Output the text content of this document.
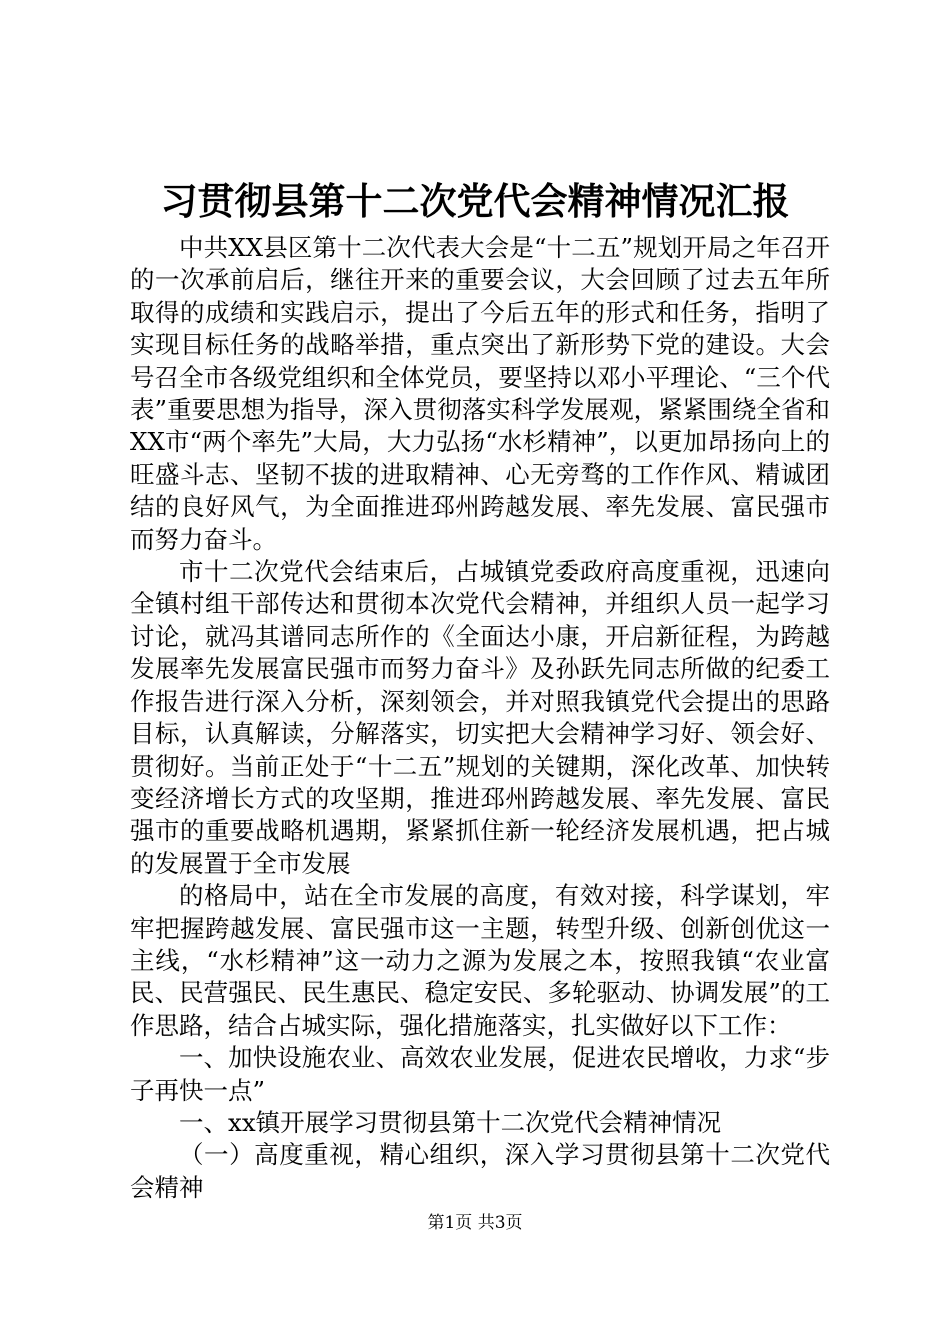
习贯彻县第十二次党代会精神情况汇报

中共XX县区第十二次代表大会是“十二五”规划开局之年召开的一次承前启后，继往开来的重要会议，大会回顾了过去五年所取得的成绩和实践启示，提出了今后五年的形式和任务，指明了实现目标任务的战略举措，重点突出了新形势下党的建设。大会号召全市各级党组织和全体党员，要坚持以邓小平理论、“三个代表”重要思想为指导，深入贯彻落实科学发展观，紧紧围绕全省和XX市“两个率先”大局，大力弘扬“水杉精神”，以更加昂扬向上的旺盛斗志、坚韧不拔的进取精神、心无旁骛的工作作风、精诚团结的良好风气，为全面推进邳州跨越发展、率先发展、富民强市而努力奋斗。

市十二次党代会结束后，占城镇党委政府高度重视，迅速向全镇村组干部传达和贯彻本次党代会精神，并组织人员一起学习讨论，就冯其谱同志所作的《全面达小康，开启新征程，为跨越发展率先发展富民强市而努力奋斗》及孙跃先同志所做的纪委工作报告进行深入分析，深刻领会，并对照我镇党代会提出的思路目标，认真解读，分解落实，切实把大会精神学习好、领会好、贯彻好。当前正处于“十二五”规划的关键期，深化改革、加快转变经济增长方式的攻坚期，推进邳州跨越发展、率先发展、富民强市的重要战略机遇期，紧紧抓住新一轮经济发展机遇，把占城的发展置于全市发展

的格局中，站在全市发展的高度，有效对接，科学谋划，牢牢把握跨越发展、富民强市这一主题，转型升级、创新创优这一主线，“水杉精神”这一动力之源为发展之本，按照我镇“农业富民、民营强民、民生惠民、稳定安民、多轮驱动、协调发展”的工作思路，结合占城实际，强化措施落实，扎实做好以下工作：

一、加快设施农业、高效农业发展，促进农民增收，力求“步子再快一点”

一、xx镇开展学习贯彻县第十二次党代会精神情况

（一）高度重视，精心组织，深入学习贯彻县第十二次党代会精神

第1页 共3页
